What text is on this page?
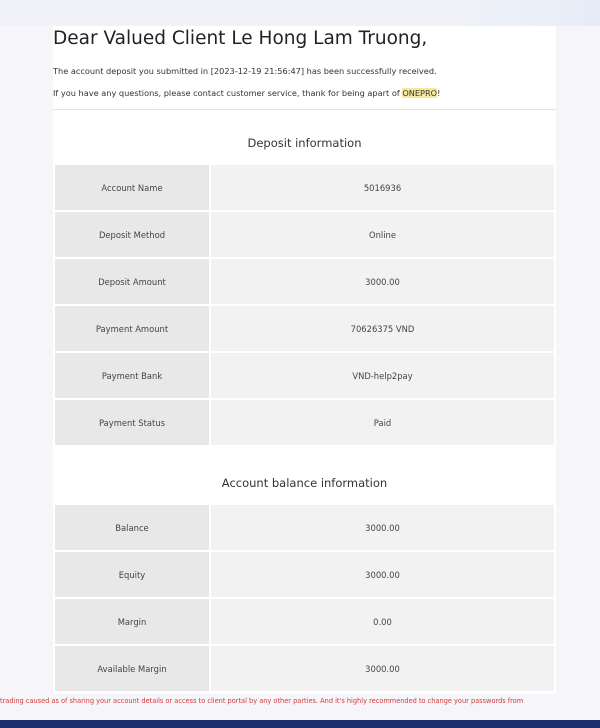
Dear Valued Client Le Hong Lam Truong,

The account deposit you submitted in [2023-12-19 21:56:47] has been successfully received.

If you have any questions, please contact customer service, thank for being apart of ONEPRO!

Deposit information
Account Name	5016936
Deposit Method	Online
Deposit Amount	3000.00
Payment Amount	70626375 VND
Payment Bank	VND-help2pay
Payment Status	Paid
Account balance information
Balance	3000.00
Equity	3000.00
Margin	0.00
Available Margin	3000.00
trading caused as of sharing your account details or access to client portal by any other parties. And it's highly recommended to change your passwords from
